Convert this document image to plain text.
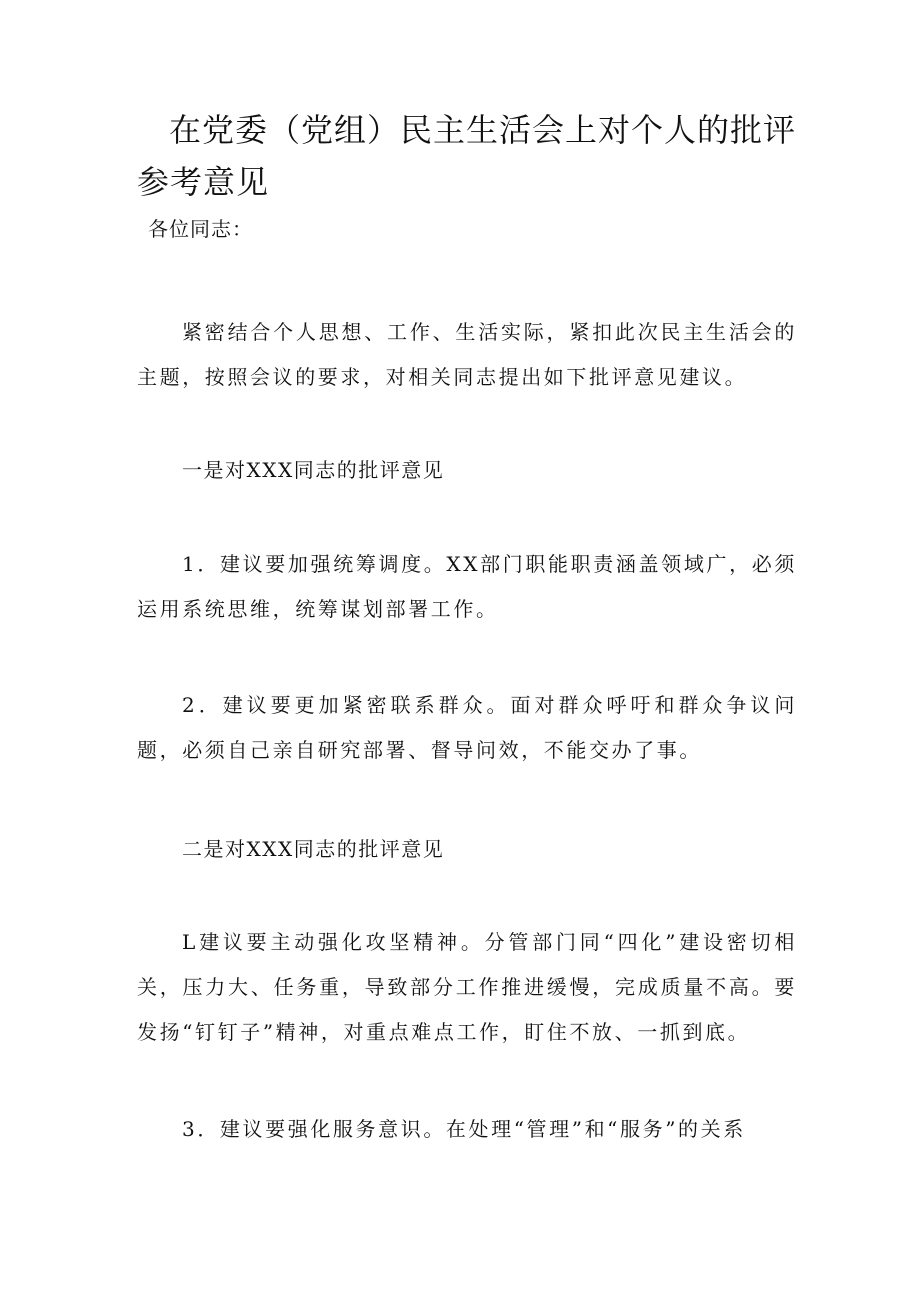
在党委（党组）民主生活会上对个人的批评参考意见

各位同志：

紧密结合个人思想、工作、生活实际，紧扣此次民主生活会的主题，按照会议的要求，对相关同志提出如下批评意见建议。

一是对XXX同志的批评意见

1．建议要加强统筹调度。XX部门职能职责涵盖领域广，必须运用系统思维，统筹谋划部署工作。

2．建议要更加紧密联系群众。面对群众呼吁和群众争议问题，必须自己亲自研究部署、督导问效，不能交办了事。

二是对XXX同志的批评意见

L建议要主动强化攻坚精神。分管部门同“四化”建设密切相关，压力大、任务重，导致部分工作推进缓慢，完成质量不高。要发扬“钉钉子”精神，对重点难点工作，盯住不放、一抓到底。

3．建议要强化服务意识。在处理“管理”和“服务”的关系
